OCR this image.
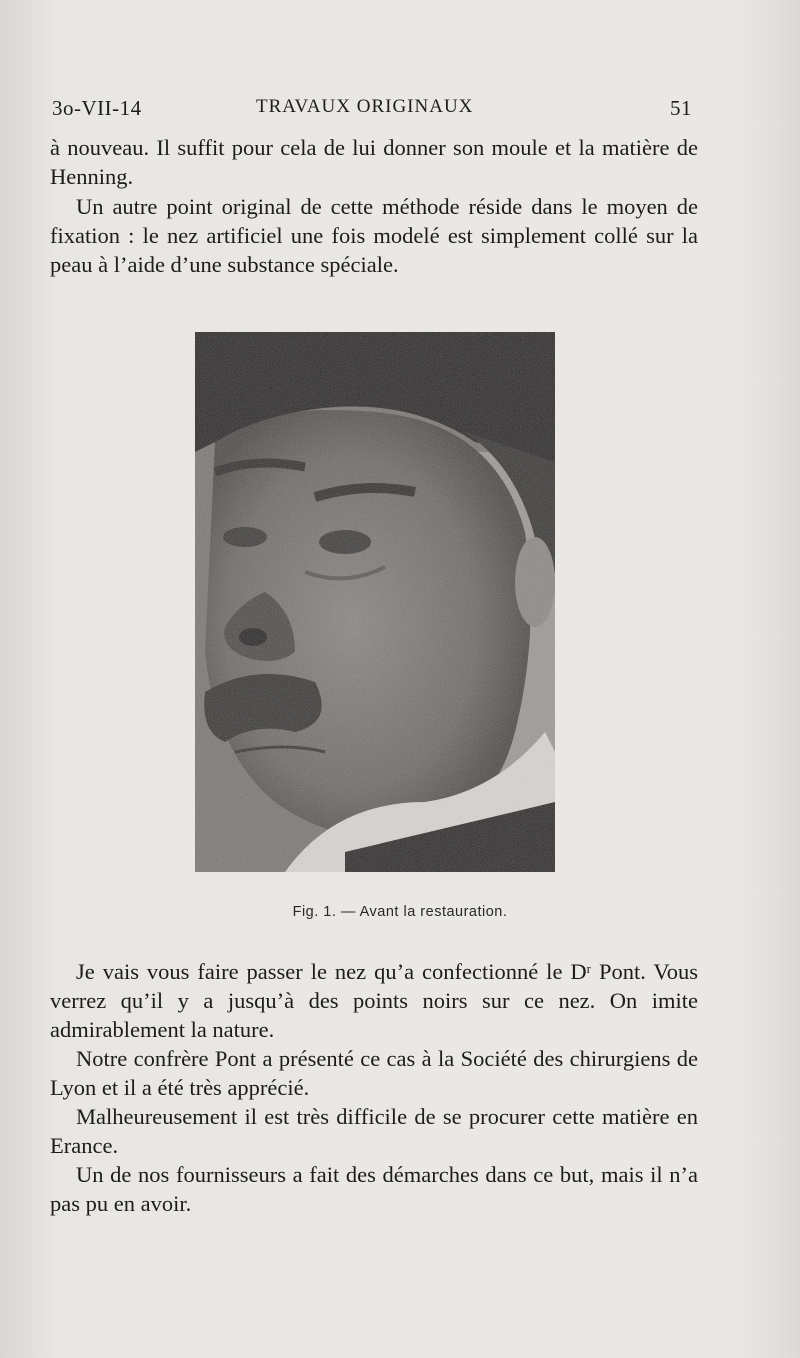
3o-VII-14	TRAVAUX ORIGINAUX	51

à nouveau. Il suffit pour cela de lui donner son moule et la matière de Henning.

Un autre point original de cette méthode réside dans le moyen de fixation : le nez artificiel une fois modelé est simplement collé sur la peau à l’aide d’une substance spéciale.

Fig. 1. — Avant la restauration.

Je vais vous faire passer le nez qu’a confectionné le $D^r$ Pont. Vous verrez qu’il y a jusqu’à des points noirs sur ce nez. On imite admirablement la nature.

Notre confrère Pont a présenté ce cas à la Société des chirurgiens de Lyon et il a été très apprécié.

Malheureusement il est très difficile de se procurer cette matière en Erance.

Un de nos fournisseurs a fait des démarches dans ce but, mais il n’a pas pu en avoir.
